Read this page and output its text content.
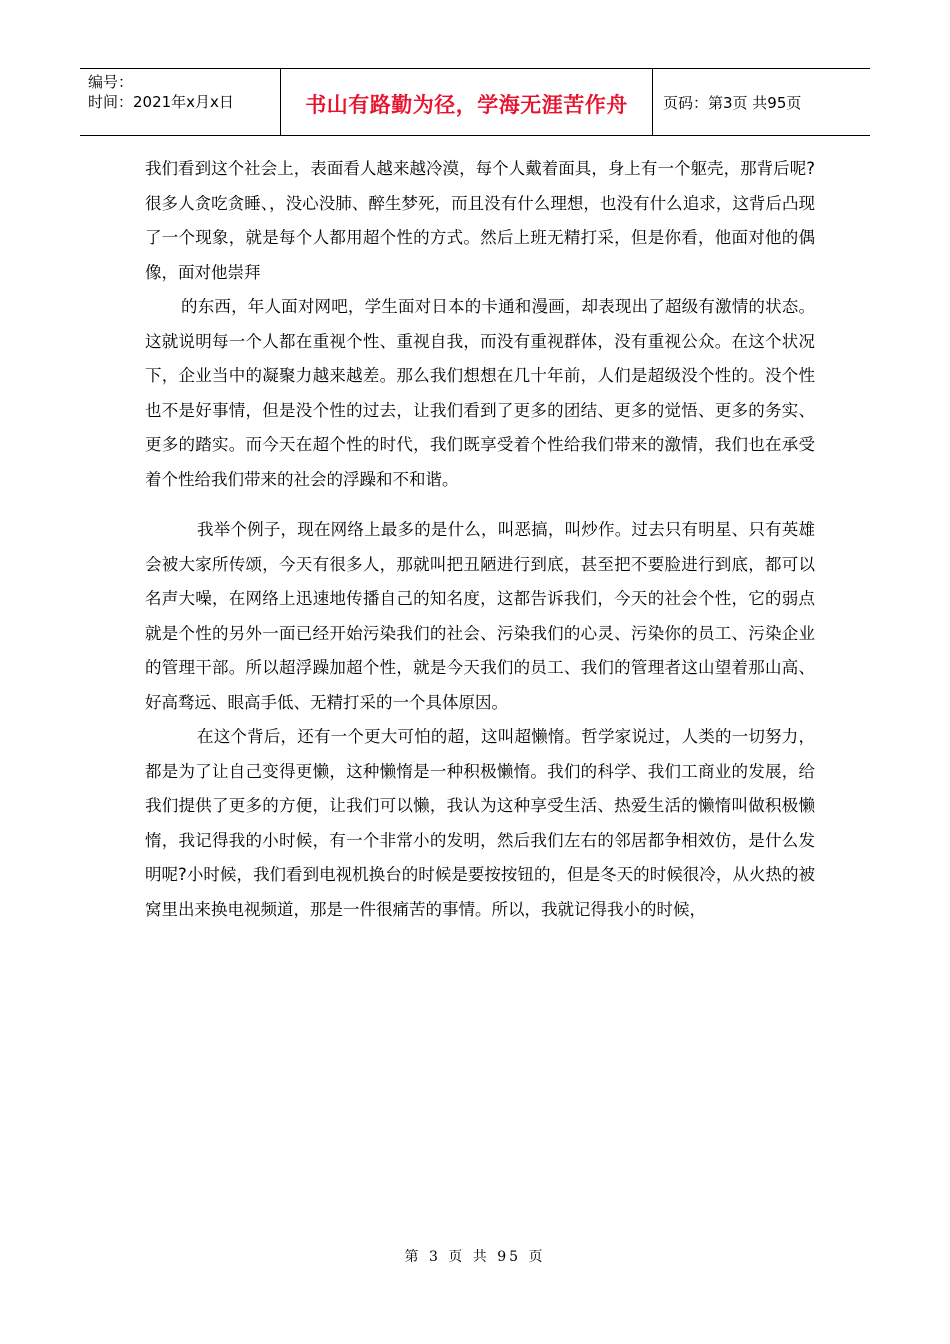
编号：
时间：2021年x月x日	书山有路勤为径，学海无涯苦作舟 页码：第3页 共95页

我们看到这个社会上，表面看人越来越冷漠，每个人戴着面具，身上有一个躯壳，那背后呢?很多人贪吃贪睡、，没心没肺、醉生梦死，而且没有什么理想，也没有什么追求，这背后凸现了一个现象，就是每个人都用超个性的方式。然后上班无精打采，但是你看，他面对他的偶像，面对他崇拜

的东西，年人面对网吧，学生面对日本的卡通和漫画，却表现出了超级有激情的状态。这就说明每一个人都在重视个性、重视自我，而没有重视群体，没有重视公众。在这个状况下，企业当中的凝聚力越来越差。那么我们想想在几十年前，人们是超级没个性的。没个性也不是好事情，但是没个性的过去，让我们看到了更多的团结、更多的觉悟、更多的务实、更多的踏实。而今天在超个性的时代，我们既享受着个性给我们带来的激情，我们也在承受着个性给我们带来的社会的浮躁和不和谐。

我举个例子，现在网络上最多的是什么，叫恶搞，叫炒作。过去只有明星、只有英雄会被大家所传颂，今天有很多人，那就叫把丑陋进行到底，甚至把不要脸进行到底，都可以名声大噪，在网络上迅速地传播自己的知名度，这都告诉我们，今天的社会个性，它的弱点就是个性的另外一面已经开始污染我们的社会、污染我们的心灵、污染你的员工、污染企业的管理干部。所以超浮躁加超个性，就是今天我们的员工、我们的管理者这山望着那山高、好高骛远、眼高手低、无精打采的一个具体原因。

在这个背后，还有一个更大可怕的超，这叫超懒惰。哲学家说过，人类的一切努力，都是为了让自己变得更懒，这种懒惰是一种积极懒惰。我们的科学、我们工商业的发展，给我们提供了更多的方便，让我们可以懒，我认为这种享受生活、热爱生活的懒惰叫做积极懒惰，我记得我的小时候，有一个非常小的发明，然后我们左右的邻居都争相效仿，是什么发明呢?小时候，我们看到电视机换台的时候是要按按钮的，但是冬天的时候很冷，从火热的被窝里出来换电视频道，那是一件很痛苦的事情。所以，我就记得我小的时候，

第 3 页 共 95 页
